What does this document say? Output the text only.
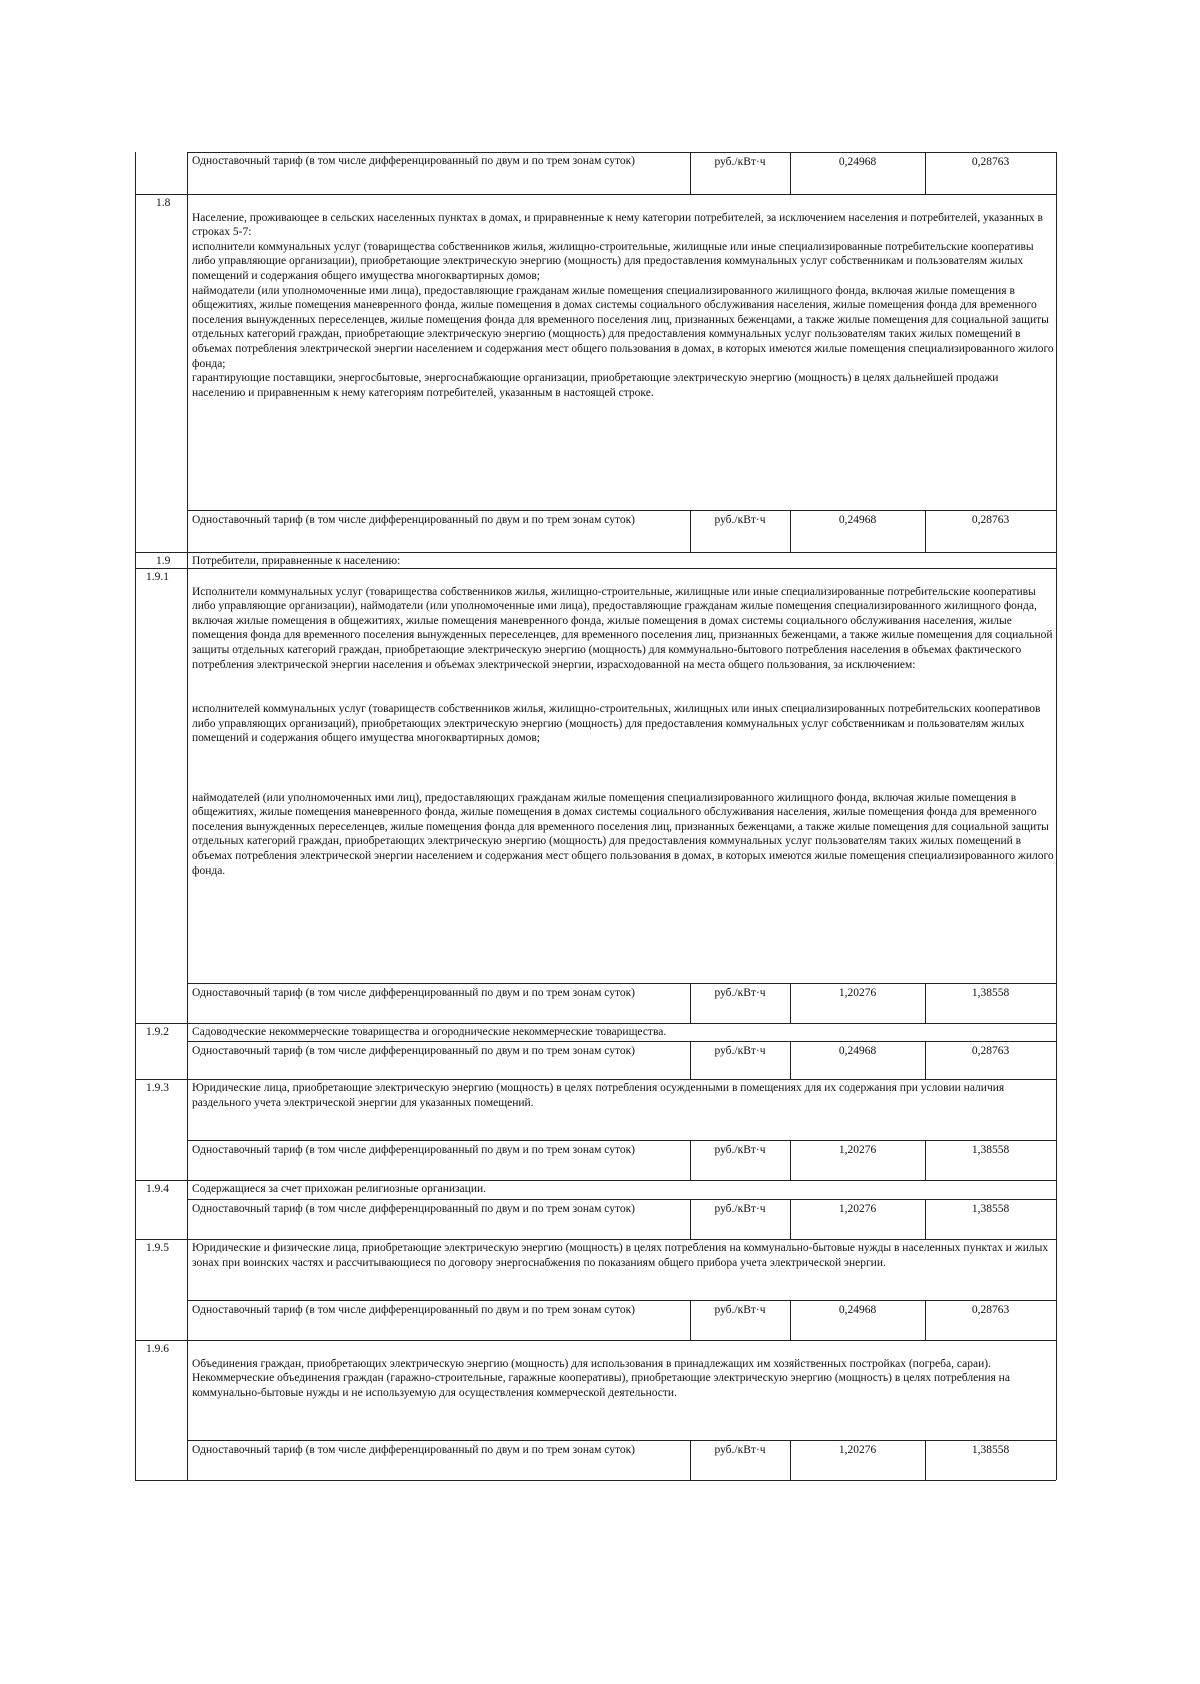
Одноставочный тариф (в том числе дифференцированный по двум и по трем зонам суток)	руб./кВт·ч	0,24968	0,28763
1.8

Население, проживающее в сельских населенных пунктах в домах, и приравненные к нему категории потребителей, за исключением населения и потребителей, указанных в строках 5-7:
исполнители коммунальных услуг (товарищества собственников жилья, жилищно-строительные, жилищные или иные специализированные потребительские кооперативы либо управляющие организации), приобретающие электрическую энергию (мощность) для предоставления коммунальных услуг собственникам и пользователям жилых помещений и содержания общего имущества многоквартирных домов;
наймодатели (или уполномоченные ими лица), предоставляющие гражданам жилые помещения специализированного жилищного фонда, включая жилые помещения в общежитиях, жилые помещения маневренного фонда, жилые помещения в домах системы социального обслуживания населения, жилые помещения фонда для временного поселения вынужденных переселенцев, жилые помещения фонда для временного поселения лиц, признанных беженцами, а также жилые помещения для социальной защиты отдельных категорий граждан, приобретающие электрическую энергию (мощность) для предоставления коммунальных услуг пользователям таких жилых помещений в объемах потребления электрической энергии населением и содержания мест общего пользования в домах, в которых имеются жилые помещения специализированного жилого фонда;
гарантирующие поставщики, энергосбытовые, энергоснабжающие организации, приобретающие электрическую энергию (мощность) в целях дальнейшей продажи населению и приравненным к нему категориям потребителей, указанным в настоящей строке.

Одноставочный тариф (в том числе дифференцированный по двум и по трем зонам суток)	руб./кВт·ч	0,24968	0,28763
1.9 Потребители, приравненные к населению:
1.9.1

Исполнители коммунальных услуг (товарищества собственников жилья, жилищно-строительные, жилищные или иные специализированные потребительские кооперативы либо управляющие организации), наймодатели (или уполномоченные ими лица), предоставляющие гражданам жилые помещения специализированного жилищного фонда, включая жилые помещения в общежитиях, жилые помещения маневренного фонда, жилые помещения в домах системы социального обслуживания населения, жилые помещения фонда для временного поселения вынужденных переселенцев, для временного поселения лиц, признанных беженцами, а также жилые помещения для социальной защиты отдельных категорий граждан, приобретающие электрическую энергию (мощность) для коммунально-бытового потребления населения в объемах фактического потребления электрической энергии населения и объемах электрической энергии, израсходованной на места общего пользования, за исключением:

исполнителей коммунальных услуг (товариществ собственников жилья, жилищно-строительных, жилищных или иных специализированных потребительских кооперативов либо управляющих организаций), приобретающих электрическую энергию (мощность) для предоставления коммунальных услуг собственникам и пользователям жилых помещений и содержания общего имущества многоквартирных домов;

наймодателей (или уполномоченных ими лиц), предоставляющих гражданам жилые помещения специализированного жилищного фонда, включая жилые помещения в общежитиях, жилые помещения маневренного фонда, жилые помещения в домах системы социального обслуживания населения, жилые помещения фонда для временного поселения вынужденных переселенцев, жилые помещения фонда для временного поселения лиц, признанных беженцами, а также жилые помещения для социальной защиты отдельных категорий граждан, приобретающих электрическую энергию (мощность) для предоставления коммунальных услуг пользователям таких жилых помещений в объемах потребления электрической энергии населением и содержания мест общего пользования в домах, в которых имеются жилые помещения специализированного жилого фонда.

Одноставочный тариф (в том числе дифференцированный по двум и по трем зонам суток)	руб./кВт·ч	1,20276	1,38558
1.9.2 Садоводческие некоммерческие товарищества и огороднические некоммерческие товарищества.
Одноставочный тариф (в том числе дифференцированный по двум и по трем зонам суток)	руб./кВт·ч	0,24968	0,28763
1.9.3 Юридические лица, приобретающие электрическую энергию (мощность) в целях потребления осужденными в помещениях для их содержания при условии наличия раздельного учета электрической энергии для указанных помещений.
Одноставочный тариф (в том числе дифференцированный по двум и по трем зонам суток)	руб./кВт·ч	1,20276	1,38558
1.9.4 Содержащиеся за счет прихожан религиозные организации.
Одноставочный тариф (в том числе дифференцированный по двум и по трем зонам суток)	руб./кВт·ч	1,20276	1,38558
1.9.5 Юридические и физические лица, приобретающие электрическую энергию (мощность) в целях потребления на коммунально-бытовые нужды в населенных пунктах и жилых зонах при воинских частях и рассчитывающиеся по договору энергоснабжения по показаниям общего прибора учета электрической энергии.
Одноставочный тариф (в том числе дифференцированный по двум и по трем зонам суток)	руб./кВт·ч	0,24968	0,28763
1.9.6

Объединения граждан, приобретающих электрическую энергию (мощность) для использования в принадлежащих им хозяйственных постройках (погреба, сараи).
Некоммерческие объединения граждан (гаражно-строительные, гаражные кооперативы), приобретающие электрическую энергию (мощность) в целях потребления на коммунально-бытовые нужды и не используемую для осуществления коммерческой деятельности.

Одноставочный тариф (в том числе дифференцированный по двум и по трем зонам суток)	руб./кВт·ч	1,20276	1,38558
